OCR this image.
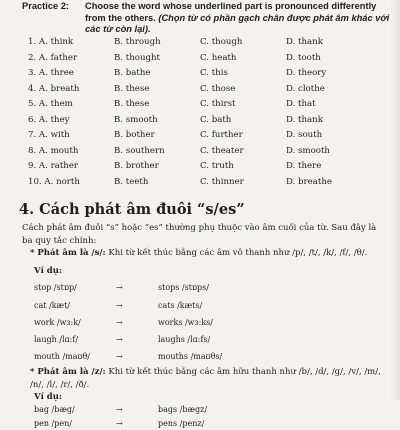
Practice 2: Choose the word whose underlined part is pronounced differently from the others. (Chọn từ có phần gạch chân được phát âm khác với các từ còn lại).
1. A. think	B. through	C. though	D. thank
2. A. father	B. thought	C. heath	D. tooth
3. A. three	B. bathe	C. this	D. theory
4. A. breath	B. these	C. those	D. clothe
5. A. them	B. these	C. thirst	D. that
6. A. they	B. smooth	C. bath	D. thank
7. A. with	B. bother	C. further	D. south
8. A. mouth	B. southern	C. theater	D. smooth
9. A. rather	B. brother	C. truth	D. there
10. A. north	B. teeth	C. thinner	D. breathe
4. Cách phát âm đuôi “s/es”
Cách phát âm đuôi “s” hoặc “es” thường phụ thuộc vào âm cuối của từ. Sau đây là ba quy tắc chính:
* Phát âm là /s/: Khi từ kết thúc bằng các âm vô thanh như /p/, /t/, /k/, /f/, /θ/.
Ví dụ:
stop /stɒp/	→	stops /stɒps/
cat /kæt/	→	cats /kæts/
work /wɜ:k/	→	works /wɜ:ks/
laugh /lɑ:f/	→	laughs /lɑ:fs/
mouth /maʊθ/	→	mouths /maʊθs/
* Phát âm là /z/: Khi từ kết thúc bằng các âm hữu thanh như /b/, /d/, /g/, /v/, /m/, /n/, /l/, /r/, /ð/.
Ví dụ:
bag /bæg/	→	bags /bægz/
pen /pen/	→	pens /penz/
